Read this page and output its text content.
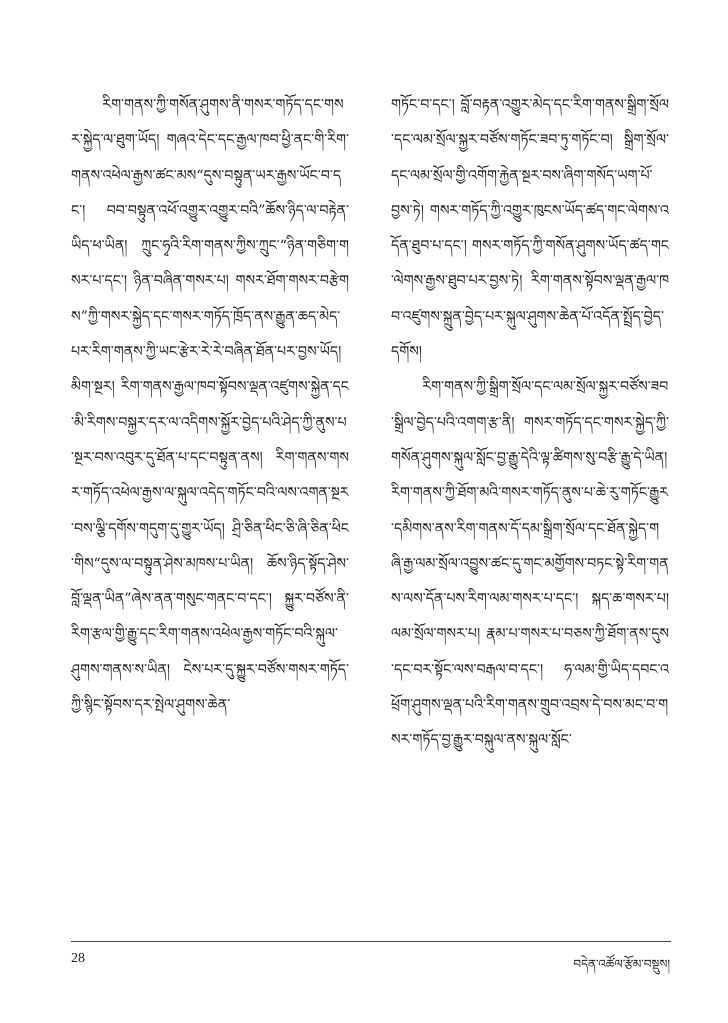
རིག་གནས་ཀྱི་གསོན་ཤུགས་ནི་གསར་གཏོད་དང་གསར་སྐྱེད་ལ་ཐུག་ཡོད། གཞའ་དེང་དང་རྒྱལ་ཁབ་ཕྱི་ནང་གི་རིག་གནས་འཕེལ་རྒྱས་ཚང་མས“དུས་བསྟུན་ཡར་རྒྱས་ཡོང་བ་དང་། བབ་བསྟུན་འཕོ་འགྱུར་འགྱུར་བའི”ཆོས་ཉིད་ལ་བརྟེན་ཡིད་ཕ་ཡིན། ཀྲུང་ཧྭའི་རིག་གནས་ཀྱིས་ཀྲུང་“ཉིན་གཅིག་གསར་པ་དང་། ཉིན་བཞིན་གསར་པ། གསར་ཐོག་གསར་བརྩེགས”ཀྱི་གསར་སྐྱེད་དང་གསར་གཏོད་ཁྲོད་ནས་རྒྱུན་ཆད་མེད་པར་རིག་གནས་ཀྱི་ཡང་རྩེར་རེ་རེ་བཞིན་ཐོན་པར་བྱས་ཡོད། མིག་སྔར། རིག་གནས་རྒྱལ་ཁབ་སྟོབས་ལྡན་འཛུགས་སྐྱེན་དང་མི་རིགས་བསྐྱར་དར་ལ་འདིགས་སྐྱོར་བྱེད་པའི་ཤེད་ཀྱི་ནུས་པ་སྔར་བས་འབུར་དུ་ཐོན་པ་དང་བསྟུན་ནས། རིག་གནས་གསར་གཏོད་འཕེལ་རྒྱས་ལ་སྐུལ་འདེད་གཏོང་བའི་ལས་འགན་སྔར་བས་ལྕི་དགོས་གདུག་དུ་གྱུར་ཡོད། ཤྲི་ཅིན་ཕིང་ཅི་ཞི་ཅིན་ཕིང་གིས“དུས་ལ་བསྟུན་ཤེས་མཁས་པ་ཡིན། ཆོས་ཉིད་སྟོད་ཤེས་བློ་ལྡན་ཡིན”ཞེས་ནན་གསུང་གནང་བ་དང་། སྐྱུར་བཙོས་ནི་རིག་རྩལ་གྱི་རྒྱུ་དང་རིག་གནས་འཕེལ་རྒྱས་གཏོང་བའི་སྐུལ་ཤུགས་གནས་ས་ཡིན། ངེས་པར་དུ་སྐྱུར་བཙོས་གསར་གཏོད་ཀྱི་སྙིང་སྟོབས་དར་སྤེལ་ཤུགས་ཆེན་

གཏོང་བ་དང་། བློ་བརྟན་འགྱུར་མེད་དང་རིག་གནས་སྒྲིག་སྲོལ་དང་ལམ་སྲོལ་སྐྱར་བཙོས་གཏོང་ཟབ་ཏུ་གཏོང་བ། སྒྲིག་སྲོལ་དང་ལམ་སྲོལ་གྱི་འགོག་རྐྱེན་སྔར་བས་ཞིག་གསོད་ཡག་པོ་བྱས་ཏེ། གསར་གཏོད་ཀྱི་འགྱུར་ཁུངས་ཡོད་ཚད་གང་ལེགས་འདོན་ཐུབ་པ་དང་། གསར་གཏོད་ཀྱི་གསོན་ཤུགས་ཡོད་ཚད་གང་ལེགས་རྒྱས་ཐུབ་པར་བྱས་ཏེ། རིག་གནས་སྟོབས་ལྡན་རྒྱལ་ཁབ་འཛུགས་སྐྲུན་བྱེད་པར་སྐུལ་ཤུགས་ཆེན་པོ་འདོན་སྤྲོད་བྱེད་དགོས།

རིག་གནས་ཀྱི་སྒྲིག་སྲོལ་དང་ལམ་སྲོལ་སྐྱར་བཙོས་ཟབ་སྒྲིལ་བྱེད་པའི་འགག་རྩ་ནི། གསར་གཏོད་དང་གསར་སྐྱེད་ཀྱི་གསོན་ཤུགས་སྐུལ་སློང་བྱ་རྒྱུ་དེའི་ལྟ་ཚིགས་སུ་བརྩི་རྒྱུ་དེ་ཡིན། རིག་གནས་ཀྱི་ཐོག་མའི་གསར་གཏོད་ནུས་པ་ཆེ་རུ་གཏོང་རྒྱུར་དམིགས་ནས་རིག་གནས་དོ་དམ་སྒྲིག་སྲོལ་དང་ཐོན་སྐྱེད་གཞི་རྒྱ་ལམ་སྲོལ་འབྱུས་ཚང་དུ་གང་མགྱོགས་བཏང་སྟེ་རིག་གནས་ལས་དོན་པས་རིག་ལམ་གསར་པ་དང་། སྐད་ཆ་གསར་པ། ལམ་སྲོལ་གསར་པ། རྣམ་པ་གསར་པ་བཅས་ཀྱི་ཐོག་ནས་དུས་དང་བར་སྟོང་ལས་བརྒལ་བ་དང་། ཧ་ལམ་གྱི་ཡིད་དབང་འཕྲོག་ཤུགས་ལྡན་པའི་རིག་གནས་གྲུབ་འབྲས་དེ་བས་མང་བ་གསར་གཏོད་བྱ་རྒྱུར་བསྐུལ་ནས་སྐུལ་སློང་

28	བདེན་འཚོལ་རྩོམ་བསྡུས།
